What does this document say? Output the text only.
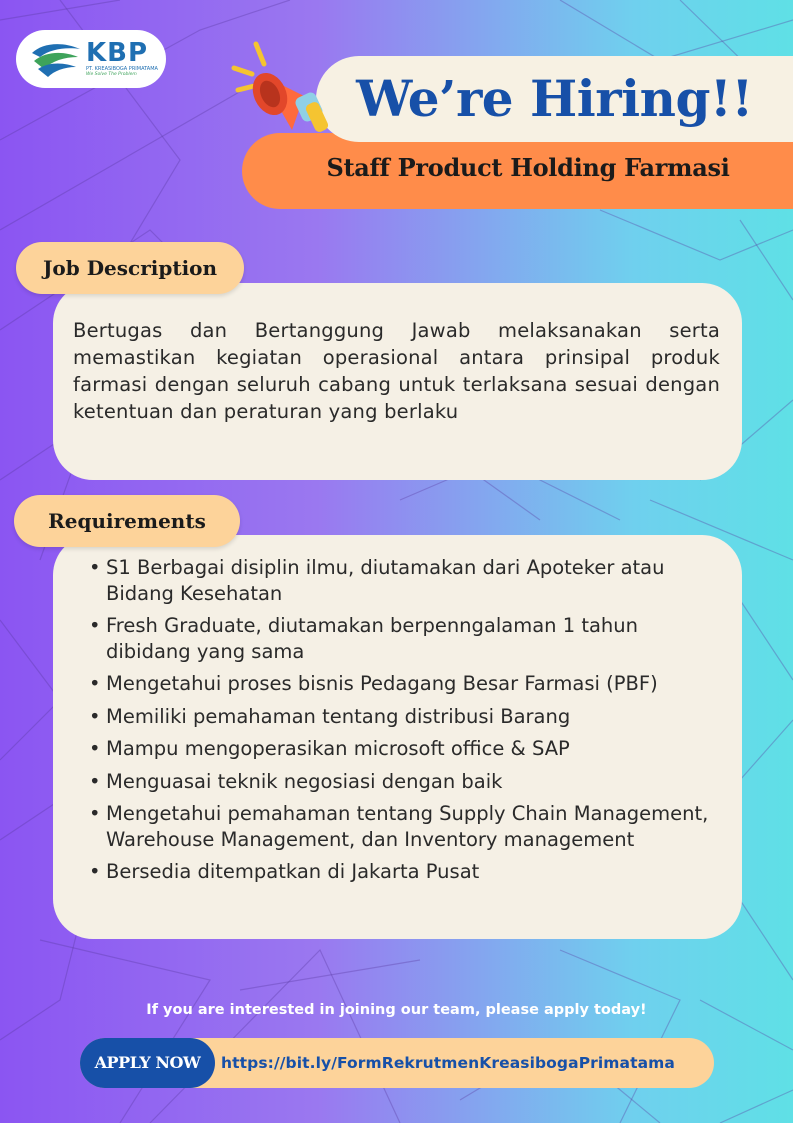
KBP
PT. KREASIBOGA PRIMATAMA
We Solve The Problem
Staff Product Holding Farmasi
We’re Hiring!!
Bertugas dan Bertanggung Jawab melaksanakan serta memastikan kegiatan operasional antara prinsipal produk farmasi dengan seluruh cabang untuk terlaksana sesuai dengan ketentuan dan peraturan yang berlaku
Job Description
• S1 Berbagai disiplin ilmu, diutamakan dari Apoteker atau Bidang Kesehatan
• Fresh Graduate, diutamakan berpenngalaman 1 tahun dibidang yang sama
• Mengetahui proses bisnis Pedagang Besar Farmasi (PBF)
• Memiliki pemahaman tentang distribusi Barang
• Mampu mengoperasikan microsoft office & SAP
• Menguasai teknik negosiasi dengan baik
• Mengetahui pemahaman tentang Supply Chain Management, Warehouse Management, dan Inventory management
• Bersedia ditempatkan di Jakarta Pusat
Requirements
If you are interested in joining our team, please apply today!
APPLY NOW	https://bit.ly/FormRekrutmenKreasibogaPrimatama
